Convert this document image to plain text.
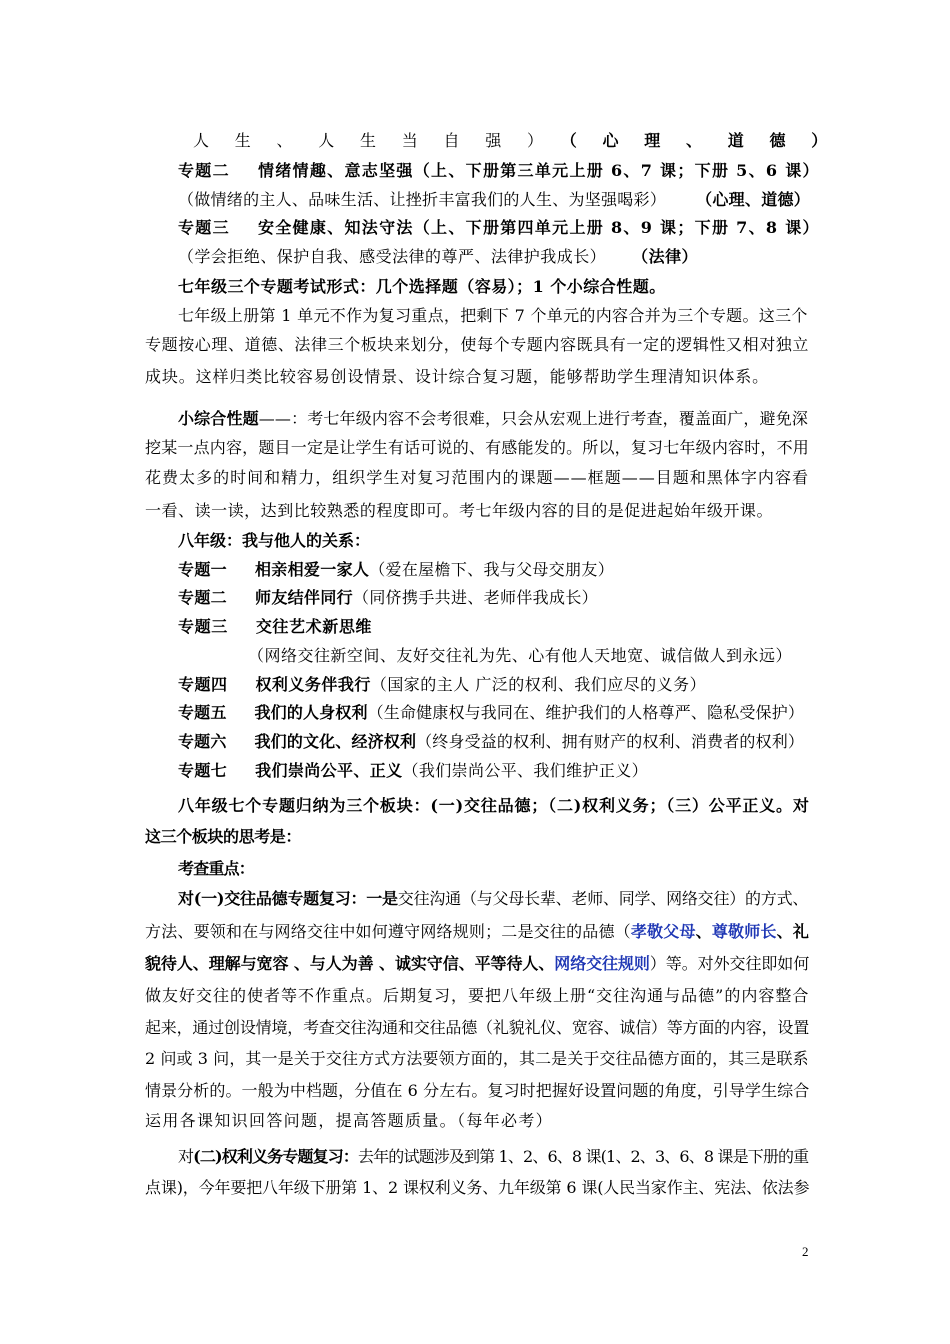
人生、人生当自强）（心理、道德）
专题二 情绪情趣、意志坚强（上、下册第三单元上册 6、7 课；下册 5、6 课）
（做情绪的主人、品味生活、让挫折丰富我们的人生、为坚强喝彩） （心理、道德）
专题三 安全健康、知法守法（上、下册第四单元上册 8、9 课；下册 7、8 课）
（学会拒绝、保护自我、感受法律的尊严、法律护我成长） （法律）
七年级三个专题考试形式：几个选择题（容易）；1 个小综合性题。
七年级上册第 1 单元不作为复习重点，把剩下 7 个单元的内容合并为三个专题。这三个
专题按心理、道德、法律三个板块来划分，使每个专题内容既具有一定的逻辑性又相对独立
成块。这样归类比较容易创设情景、设计综合复习题，能够帮助学生理清知识体系。
小综合性题——：考七年级内容不会考很难，只会从宏观上进行考查，覆盖面广，避免深
挖某一点内容，题目一定是让学生有话可说的、有感能发的。所以，复习七年级内容时，不用
花费太多的时间和精力，组织学生对复习范围内的课题——框题——目题和黑体字内容看
一看、读一读，达到比较熟悉的程度即可。考七年级内容的目的是促进起始年级开课。
八年级：我与他人的关系：
专题一 相亲相爱一家人（爱在屋檐下、我与父母交朋友）
专题二 师友结伴同行（同侪携手共进、老师伴我成长）
专题三 交往艺术新思维
（网络交往新空间、友好交往礼为先、心有他人天地宽、诚信做人到永远）
专题四 权利义务伴我行（国家的主人 广泛的权利、我们应尽的义务）
专题五 我们的人身权利（生命健康权与我同在、维护我们的人格尊严、隐私受保护）
专题六 我们的文化、经济权利（终身受益的权利、拥有财产的权利、消费者的权利）
专题七 我们崇尚公平、正义（我们崇尚公平、我们维护正义）
八年级七个专题归纳为三个板块：(一)交往品德；（二)权利义务；（三）公平正义。对
这三个板块的思考是：
考查重点：
对(一)交往品德专题复习：一是交往沟通（与父母长辈、老师、同学、网络交往）的方式、
方法、要领和在与网络交往中如何遵守网络规则；二是交往的品德（孝敬父母、尊敬师长、礼
貌待人、理解与宽容 、与人为善 、诚实守信、平等待人、网络交往规则）等。对外交往即如何
做友好交往的使者等不作重点。后期复习，要把八年级上册“交往沟通与品德”的内容整合
起来，通过创设情境，考查交往沟通和交往品德（礼貌礼仪、宽容、诚信）等方面的内容，设置
2 问或 3 问，其一是关于交往方式方法要领方面的，其二是关于交往品德方面的，其三是联系
情景分析的。一般为中档题，分值在 6 分左右。复习时把握好设置问题的角度，引导学生综合
运用各课知识回答问题，提高答题质量。（每年必考）
对(二)权利义务专题复习：去年的试题涉及到第 1、2、6、8 课(1、2、3、6、8 课是下册的重
点课)，今年要把八年级下册第 1、2 课权利义务、九年级第 6 课(人民当家作主、宪法、依法参
2
